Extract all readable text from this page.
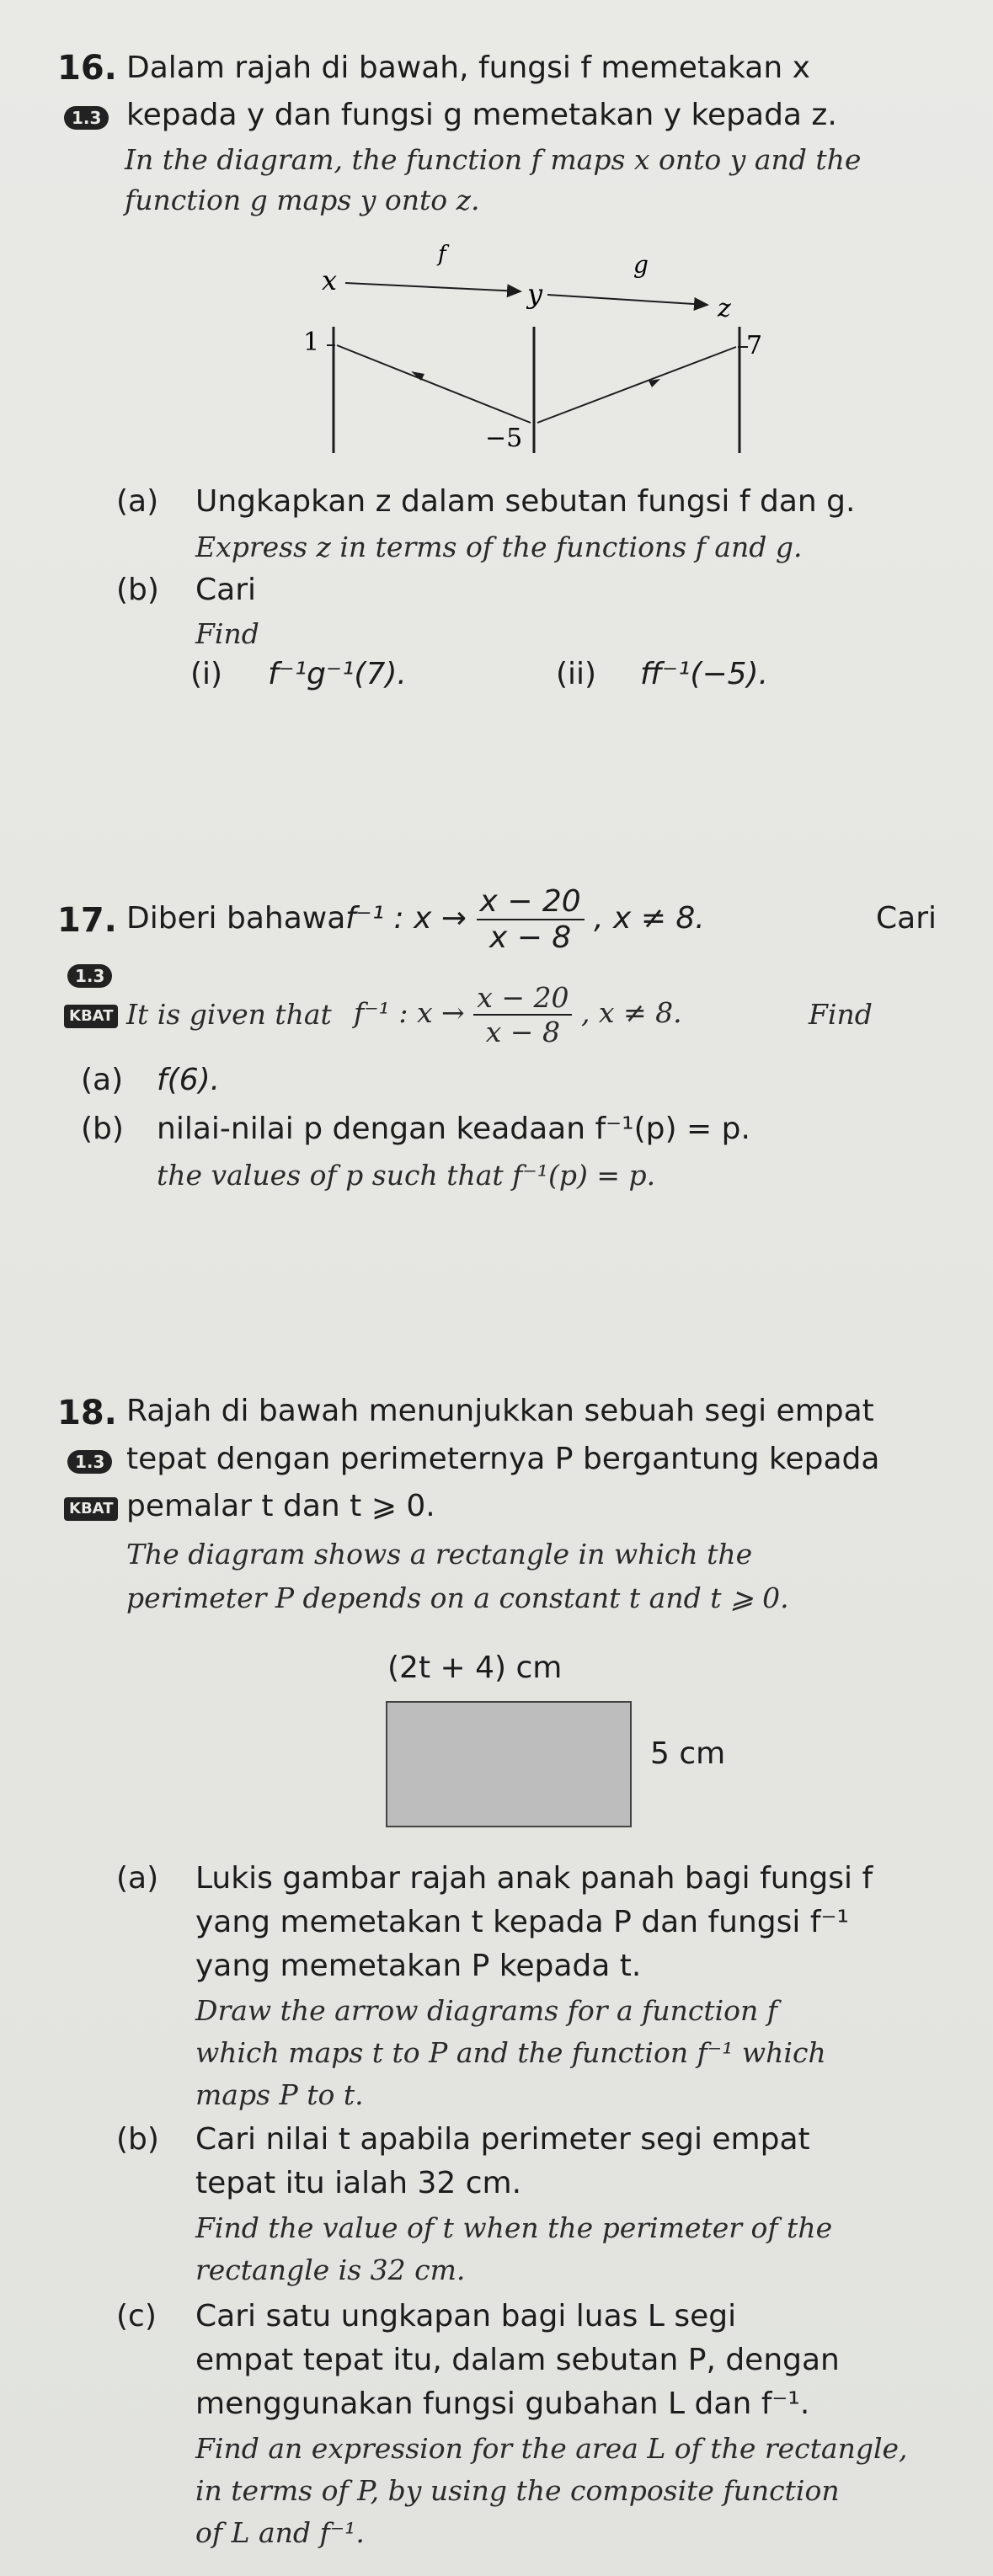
16. Dalam rajah di bawah, fungsi f memetakan x
1.3 kepada y dan fungsi g memetakan y kepada z.
In the diagram, the function f maps x onto y and the
function g maps y onto z.
x
f
y
g
z
1	7
−5
(a) Ungkapkan z dalam sebutan fungsi f dan g.
Express z in terms of the functions f and g.
(b) Cari
Find
(i) f⁻¹g⁻¹(7).	(ii) ff⁻¹(−5).
17. Diberi bahawa f⁻¹ : $x \to \frac{x - 20}{x - 8}$ , x ≠ 8.	Cari
1.3
KBAT It is given that f⁻¹ : $x \to \frac{x - 20}{x - 8}$ , x ≠ 8.	Find
(a) f(6).
(b) nilai-nilai p dengan keadaan f⁻¹(p) = p.
the values of p such that f⁻¹(p) = p.
18. Rajah di bawah menunjukkan sebuah segi empat
1.3 tepat dengan perimeternya P bergantung kepada
KBAT pemalar t dan t ⩾ 0.
The diagram shows a rectangle in which the
perimeter P depends on a constant t and t ⩾ 0.
(2t + 4) cm
5 cm
(a) Lukis gambar rajah anak panah bagi fungsi f
yang memetakan t kepada P dan fungsi f⁻¹
yang memetakan P kepada t.
Draw the arrow diagrams for a function f
which maps t to P and the function f⁻¹ which
maps P to t.
(b) Cari nilai t apabila perimeter segi empat
tepat itu ialah 32 cm.
Find the value of t when the perimeter of the
rectangle is 32 cm.
(c) Cari satu ungkapan bagi luas L segi
empat tepat itu, dalam sebutan P, dengan
menggunakan fungsi gubahan L dan f⁻¹.
Find an expression for the area L of the rectangle,
in terms of P, by using the composite function
of L and f⁻¹.
